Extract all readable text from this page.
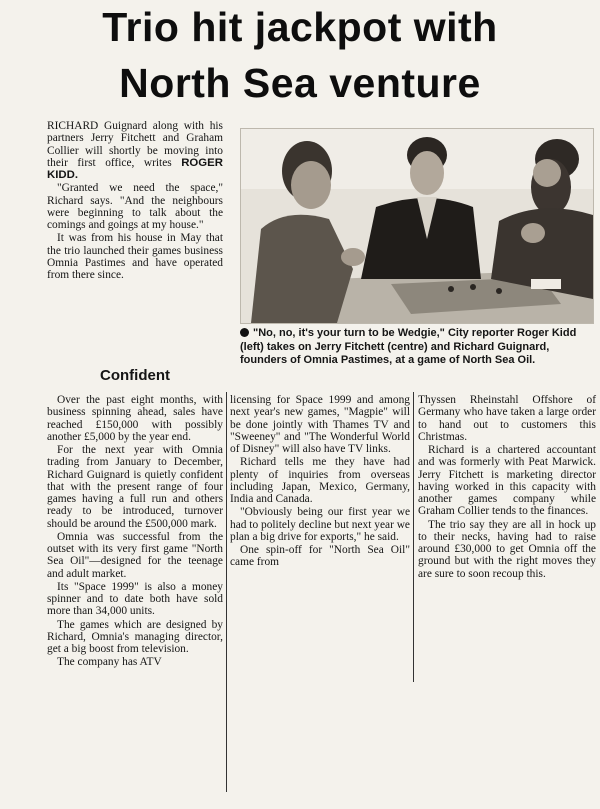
Trio hit jackpot with
North Sea venture

RICHARD Guignard along with his partners Jerry Fitchett and Graham Collier will shortly be moving into their first office, writes ROGER KIDD.

"Granted we need the space," Richard says. "And the neighbours were beginning to talk about the comings and goings at my house."

It was from his house in May that the trio launched their games business Omnia Pastimes and have operated from there since.

"No, no, it's your turn to be Wedgie," City reporter Roger Kidd (left) takes on Jerry Fitchett (centre) and Richard Guignard, founders of Omnia Pastimes, at a game of North Sea Oil.
Confident

Over the past eight months, with business spinning ahead, sales have reached £150,000 with possibly another £5,000 by the year end.

For the next year with Omnia trading from January to December, Richard Guignard is quietly confident that with the present range of four games having a full run and others ready to be introduced, turnover should be around the £500,000 mark.

Omnia was successful from the outset with its very first game "North Sea Oil"—designed for the teenage and adult market.

Its "Space 1999" is also a money spinner and to date both have sold more than 34,000 units.

The games which are designed by Richard, Omnia's managing director, get a big boost from television.

The company has ATV

licensing for Space 1999 and among next year's new games, "Magpie" will be done jointly with Thames TV and "Sweeney" and "The Wonderful World of Disney" will also have TV links.

Richard tells me they have had plenty of inquiries from overseas including Japan, Mexico, Germany, India and Canada.

"Obviously being our first year we had to politely decline but next year we plan a big drive for exports," he said.

One spin-off for "North Sea Oil" came from

Thyssen Rheinstahl Offshore of Germany who have taken a large order to hand out to customers this Christmas.

Richard is a chartered accountant and was formerly with Peat Marwick. Jerry Fitchett is marketing director having worked in this capacity with another games company while Graham Collier tends to the finances.

The trio say they are all in hock up to their necks, having had to raise around £30,000 to get Omnia off the ground but with the right moves they are sure to soon recoup this.
